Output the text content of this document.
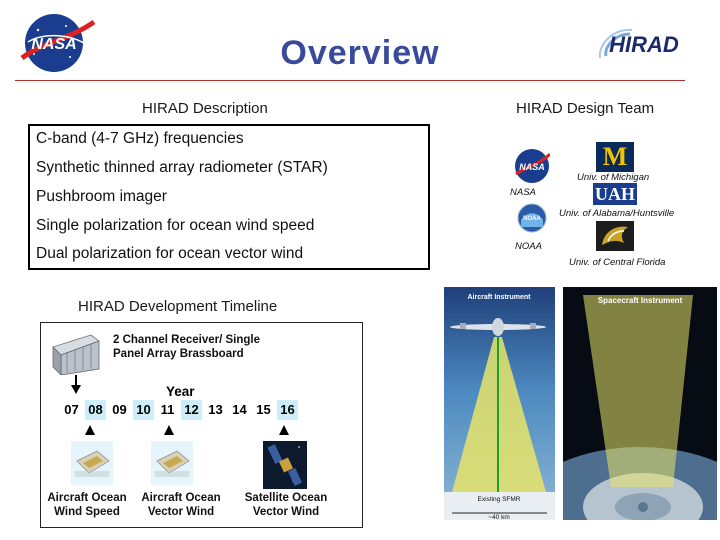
NASA	Overview	HIRAD
HIRAD Description	HIRAD Design Team
C-band (4-7 GHz) frequencies
Synthetic thinned array radiometer (STAR)
Pushbroom imager
Single polarization for ocean wind speed
Dual polarization for ocean vector wind
NASA
NASA
NOAA
NOAA
M
Univ. of Michigan
UAH
Univ. of Alabama/Huntsville
Univ. of Central Florida
HIRAD Development Timeline
2 Channel Receiver/ Single
Panel Array Brassboard
Year
07 08 09 10 11 12 13 14 15 16
Aircraft Ocean
Wind Speed
Aircraft Ocean
Vector Wind
Satellite Ocean
Vector Wind
Aircraft Instrument
Existing SFMR
~40 km
Spacecraft Instrument
